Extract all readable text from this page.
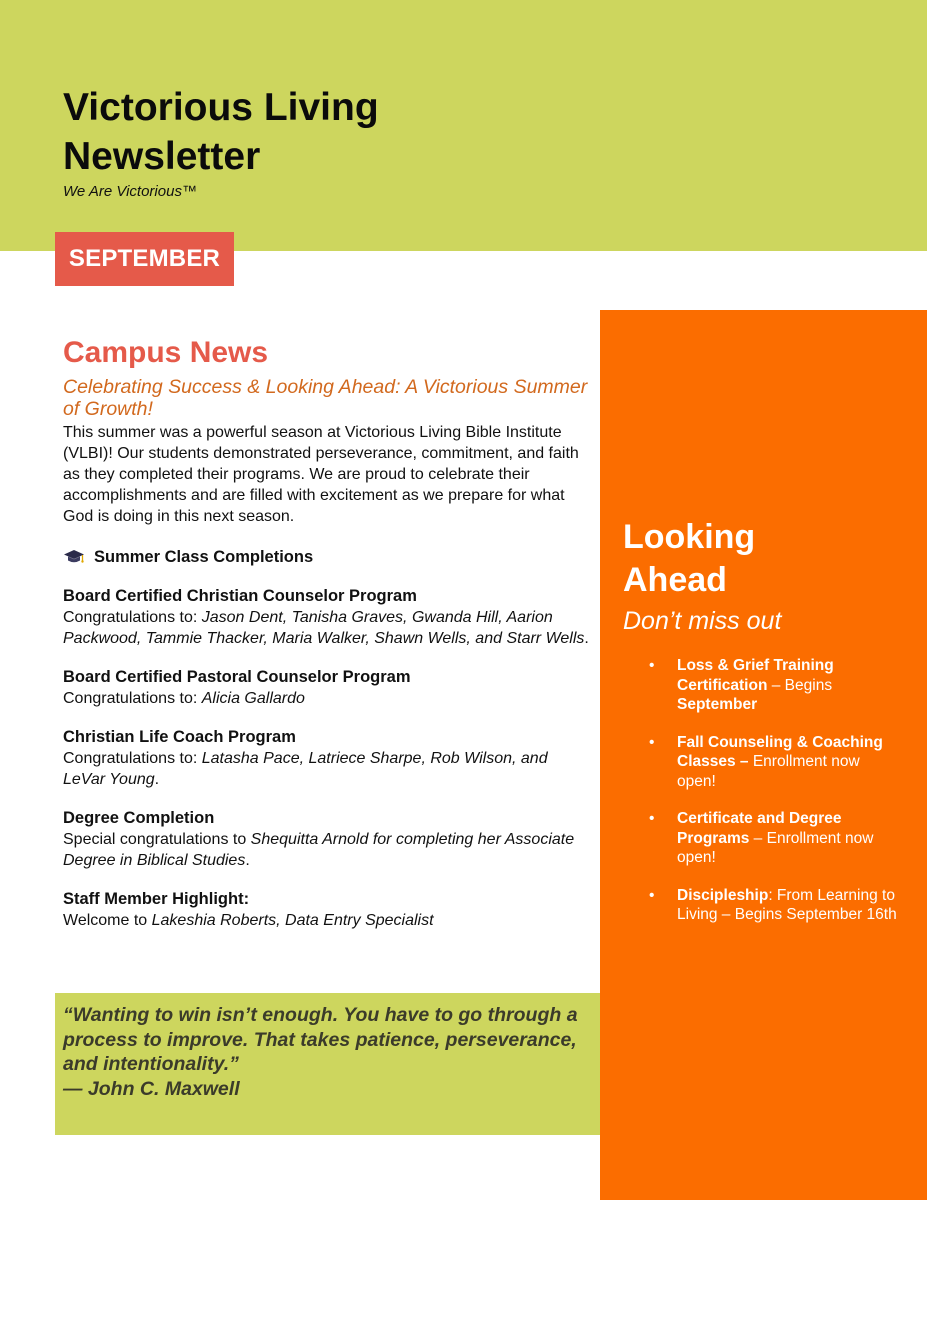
Victorious Living Newsletter
We Are Victorious™
SEPTEMBER
Campus News
Celebrating Success & Looking Ahead: A Victorious Summer of Growth!

This summer was a powerful season at Victorious Living Bible Institute (VLBI)! Our students demonstrated perseverance, commitment, and faith as they completed their programs. We are proud to celebrate their accomplishments and are filled with excitement as we prepare for what God is doing in this next season.

Summer Class Completions
Board Certified Christian Counselor Program
Congratulations to: Jason Dent, Tanisha Graves, Gwanda Hill, Aarion Packwood, Tammie Thacker, Maria Walker, Shawn Wells, and Starr Wells.
Board Certified Pastoral Counselor Program
Congratulations to: Alicia Gallardo
Christian Life Coach Program
Congratulations to: Latasha Pace, Latriece Sharpe, Rob Wilson, and LeVar Young.
Degree Completion
Special congratulations to Shequitta Arnold for completing her Associate Degree in Biblical Studies.
Staff Member Highlight:
Welcome to Lakeshia Roberts, Data Entry Specialist

“Wanting to win isn’t enough. You have to go through a process to improve. That takes patience, perseverance, and intentionality.”
— John C. Maxwell

Looking Ahead
Don’t miss out
• Loss & Grief Training Certification – Begins September
• Fall Counseling & Coaching Classes – Enrollment now open!
• Certificate and Degree Programs – Enrollment now open!
• Discipleship: From Learning to Living – Begins September 16th

We are committed to empowering men and women with biblical truth, practical skills, and Spirit-led guidance for victorious living.
